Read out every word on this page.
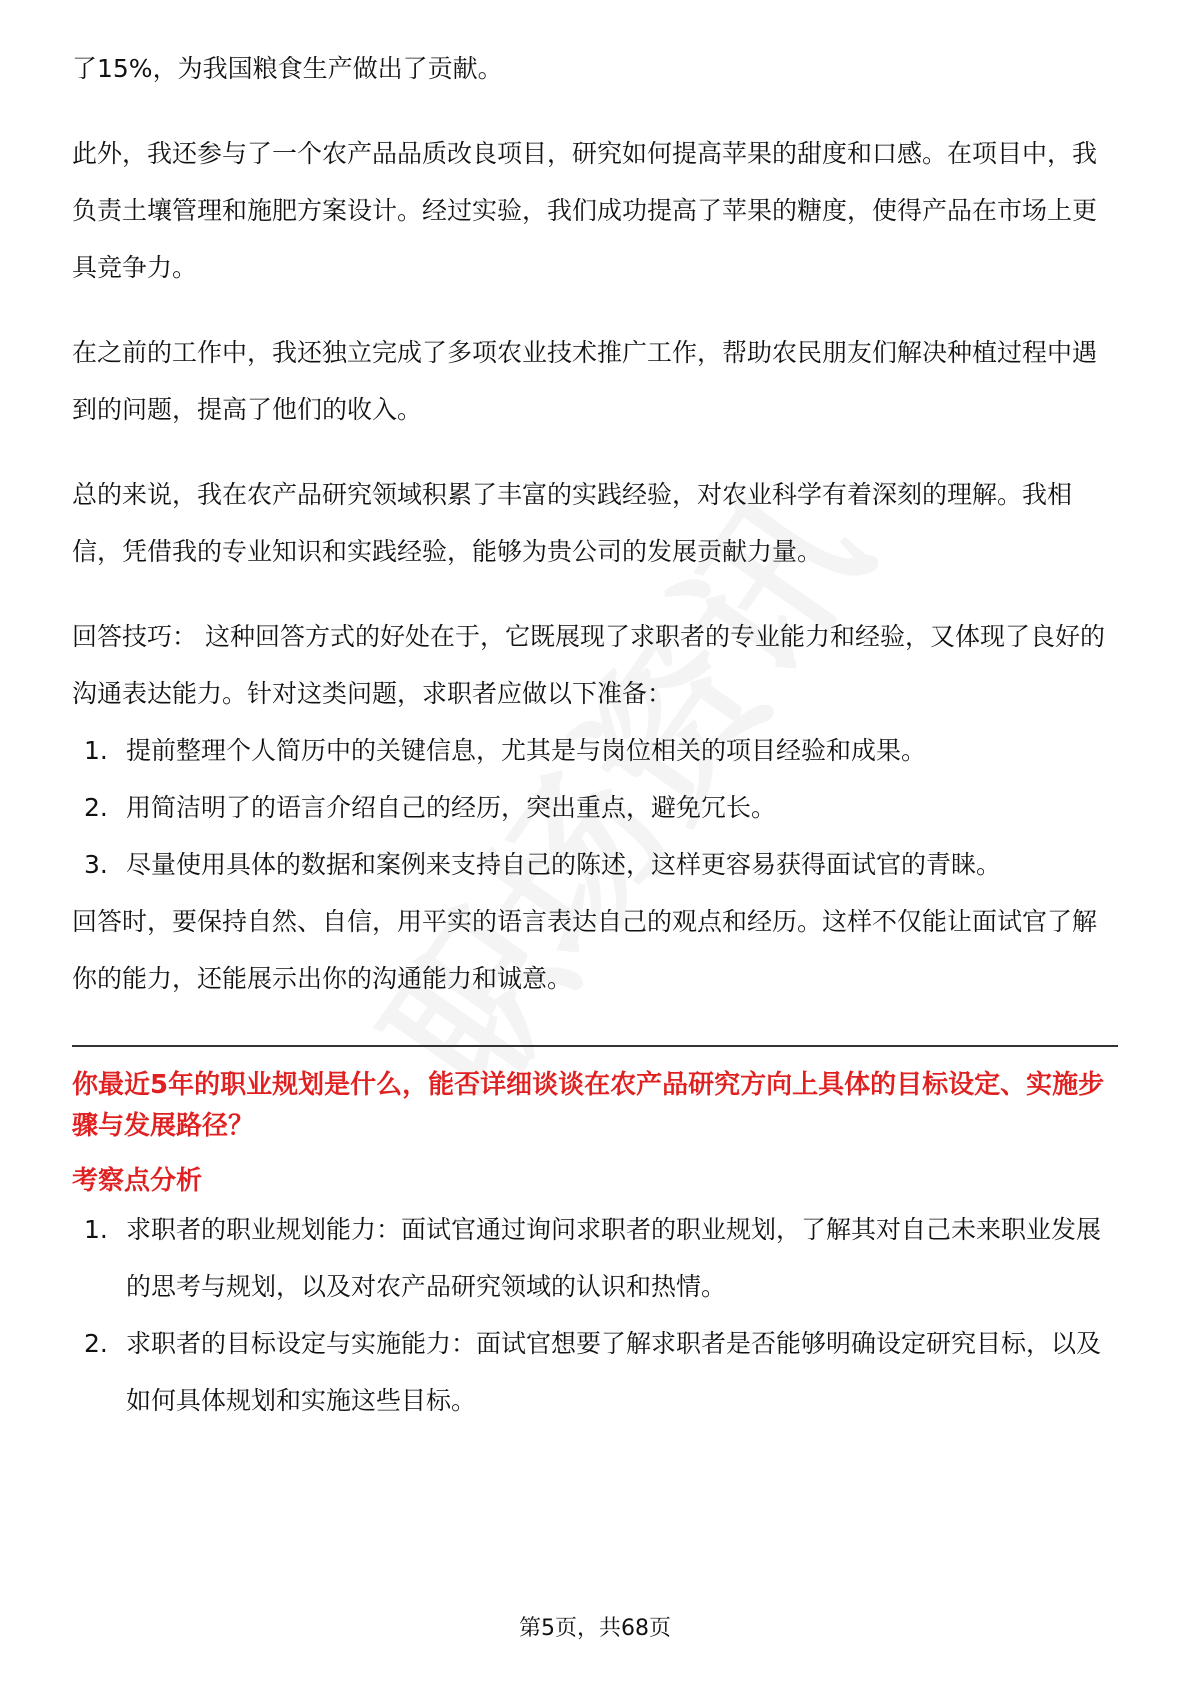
了15%，为我国粮食生产做出了贡献。

此外，我还参与了一个农产品品质改良项目，研究如何提高苹果的甜度和口感。在项目中，我负责土壤管理和施肥方案设计。经过实验，我们成功提高了苹果的糖度，使得产品在市场上更具竞争力。

在之前的工作中，我还独立完成了多项农业技术推广工作，帮助农民朋友们解决种植过程中遇到的问题，提高了他们的收入。

总的来说，我在农产品研究领域积累了丰富的实践经验，对农业科学有着深刻的理解。我相信，凭借我的专业知识和实践经验，能够为贵公司的发展贡献力量。

回答技巧： 这种回答方式的好处在于，它既展现了求职者的专业能力和经验，又体现了良好的沟通表达能力。针对这类问题，求职者应做以下准备：

1. 提前整理个人简历中的关键信息，尤其是与岗位相关的项目经验和成果。
2. 用简洁明了的语言介绍自己的经历，突出重点，避免冗长。
3. 尽量使用具体的数据和案例来支持自己的陈述，这样更容易获得面试官的青睐。

回答时，要保持自然、自信，用平实的语言表达自己的观点和经历。这样不仅能让面试官了解你的能力，还能展示出你的沟通能力和诚意。

你最近5年的职业规划是什么，能否详细谈谈在农产品研究方向上具体的目标设定、实施步骤与发展路径？

考察点分析

1. 求职者的职业规划能力：面试官通过询问求职者的职业规划，了解其对自己未来职业发展的思考与规划，以及对农产品研究领域的认识和热情。
2. 求职者的目标设定与实施能力：面试官想要了解求职者是否能够明确设定研究目标，以及如何具体规划和实施这些目标。
第5页，共68页
